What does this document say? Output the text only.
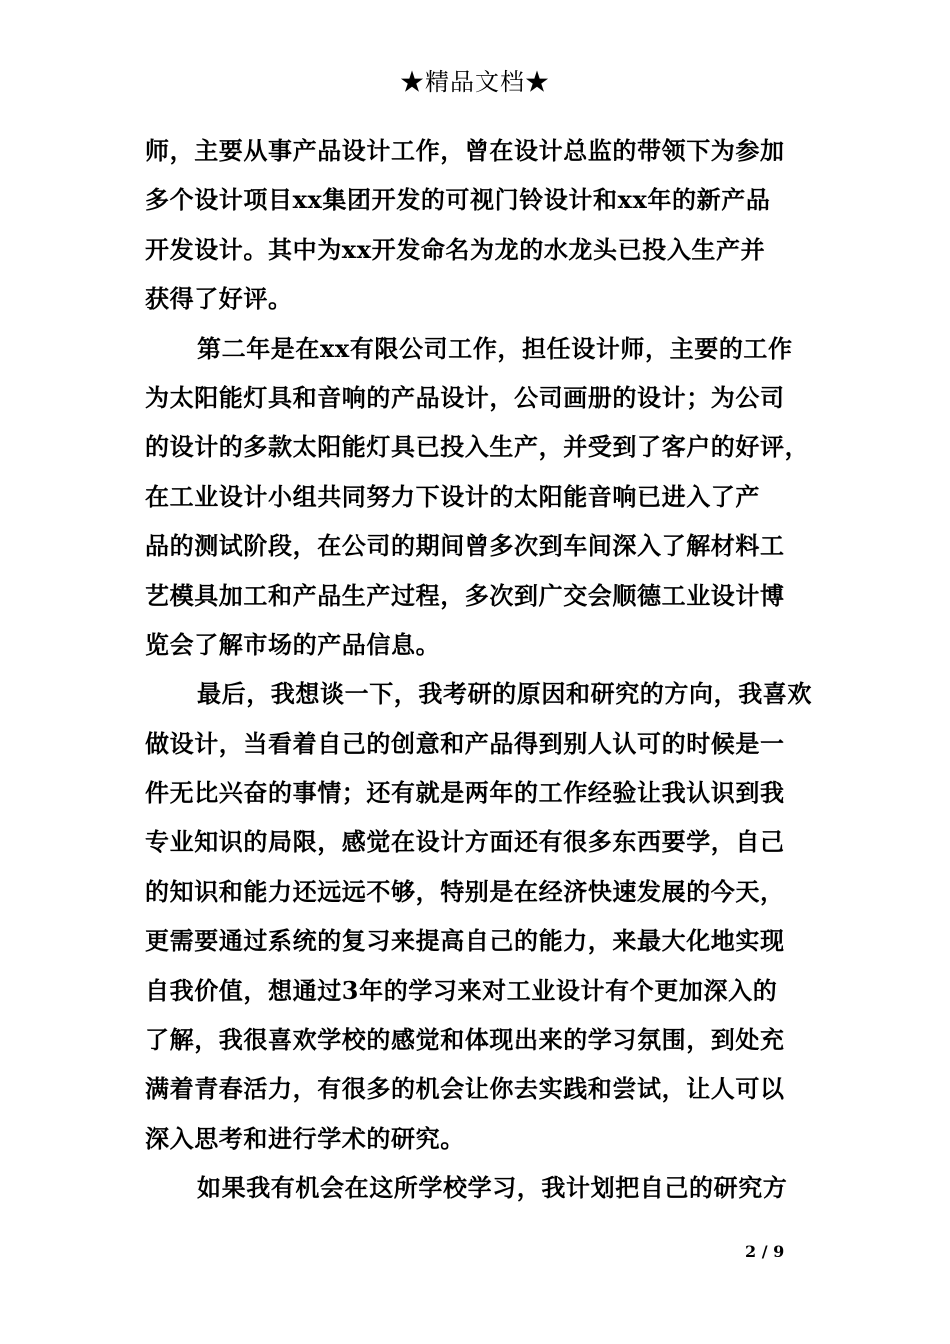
★精品文档★
师，主要从事产品设计工作，曾在设计总监的带领下为参加
多个设计项目xx集团开发的可视门铃设计和xx年的新产品
开发设计。其中为xx开发命名为龙的水龙头已投入生产并
获得了好评。
第二年是在xx有限公司工作，担任设计师，主要的工作
为太阳能灯具和音响的产品设计，公司画册的设计；为公司
的设计的多款太阳能灯具已投入生产，并受到了客户的好评，
在工业设计小组共同努力下设计的太阳能音响已进入了产
品的测试阶段，在公司的期间曾多次到车间深入了解材料工
艺模具加工和产品生产过程，多次到广交会顺德工业设计博
览会了解市场的产品信息。
最后，我想谈一下，我考研的原因和研究的方向，我喜欢
做设计，当看着自己的创意和产品得到别人认可的时候是一
件无比兴奋的事情；还有就是两年的工作经验让我认识到我
专业知识的局限，感觉在设计方面还有很多东西要学，自己
的知识和能力还远远不够，特别是在经济快速发展的今天，
更需要通过系统的复习来提高自己的能力，来最大化地实现
自我价值，想通过3年的学习来对工业设计有个更加深入的
了解，我很喜欢学校的感觉和体现出来的学习氛围，到处充
满着青春活力，有很多的机会让你去实践和尝试，让人可以
深入思考和进行学术的研究。
如果我有机会在这所学校学习，我计划把自己的研究方
2 / 9
